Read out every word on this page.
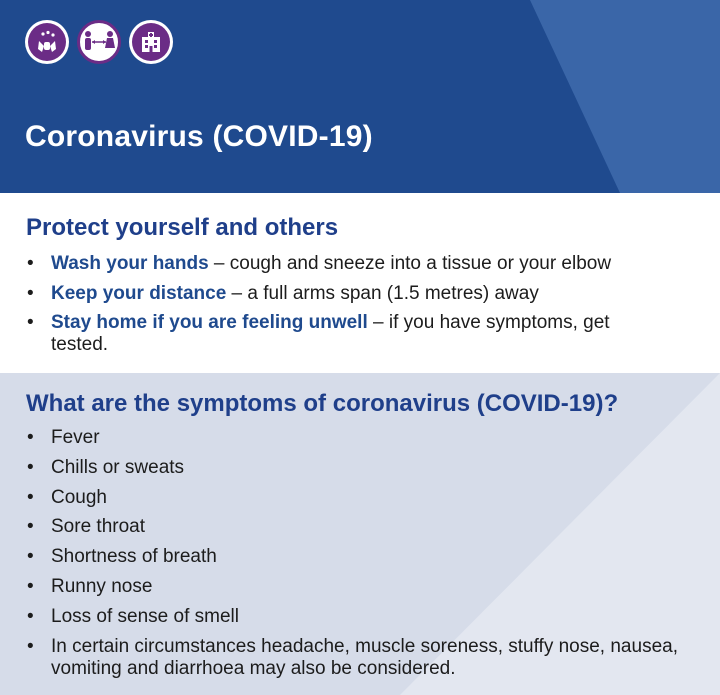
Coronavirus (COVID-19)
Protect yourself and others
• Wash your hands – cough and sneeze into a tissue or your elbow
• Keep your distance – a full arms span (1.5 metres) away
• Stay home if you are feeling unwell – if you have symptoms, get tested.
What are the symptoms of coronavirus (COVID-19)?
• Fever
• Chills or sweats
• Cough
• Sore throat
• Shortness of breath
• Runny nose
• Loss of sense of smell
• In certain circumstances headache, muscle soreness, stuffy nose, nausea, vomiting and diarrhoea may also be considered.
